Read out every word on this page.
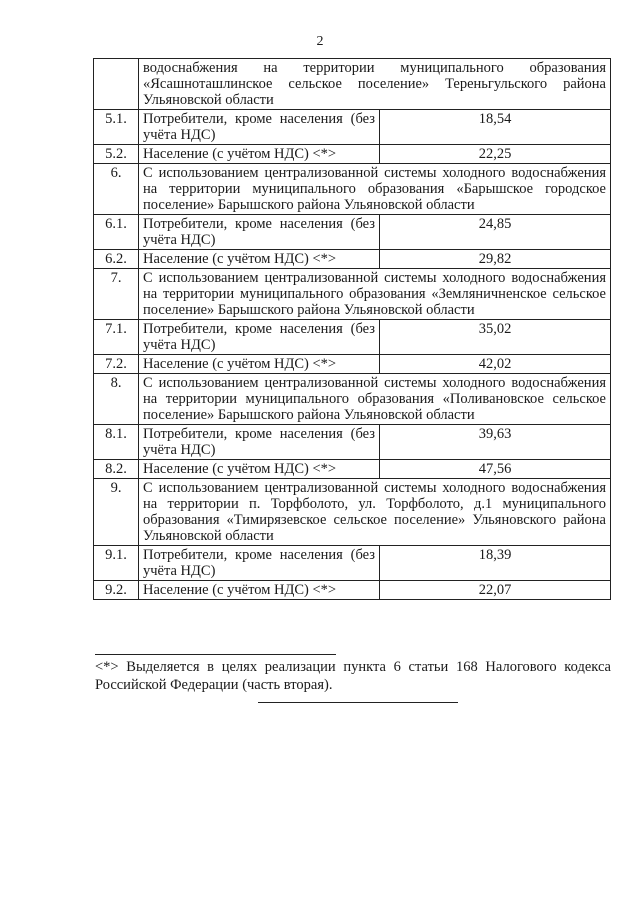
2
	водоснабжения на территории муниципального образования «Ясашноташлинское сельское поселение» Тереньгульского района Ульяновской области	
5.1.	Потребители, кроме населения (без учёта НДС)	18,54
5.2.	Население (с учётом НДС) <*>	22,25
6.	С использованием централизованной системы холодного водоснабжения на территории муниципального образования «Барышское городское поселение» Барышского района Ульяновской области	
6.1.	Потребители, кроме населения (без учёта НДС)	24,85
6.2.	Население (с учётом НДС) <*>	29,82
7.	С использованием централизованной системы холодного водоснабжения на территории муниципального образования «Земляничненское сельское поселение» Барышского района Ульяновской области	
7.1.	Потребители, кроме населения (без учёта НДС)	35,02
7.2.	Население (с учётом НДС) <*>	42,02
8.	С использованием централизованной системы холодного водоснабжения на территории муниципального образования «Поливановское сельское поселение» Барышского района Ульяновской области	
8.1.	Потребители, кроме населения (без учёта НДС)	39,63
8.2.	Население (с учётом НДС) <*>	47,56
9.	С использованием централизованной системы холодного водоснабжения на территории п. Торфболото, ул. Торфболото, д.1 муниципального образования «Тимирязевское сельское поселение» Ульяновского района Ульяновской области	
9.1.	Потребители, кроме населения (без учёта НДС)	18,39
9.2.	Население (с учётом НДС) <*>	22,07
<*> Выделяется в целях реализации пункта 6 статьи 168 Налогового кодекса Российской Федерации (часть вторая).
